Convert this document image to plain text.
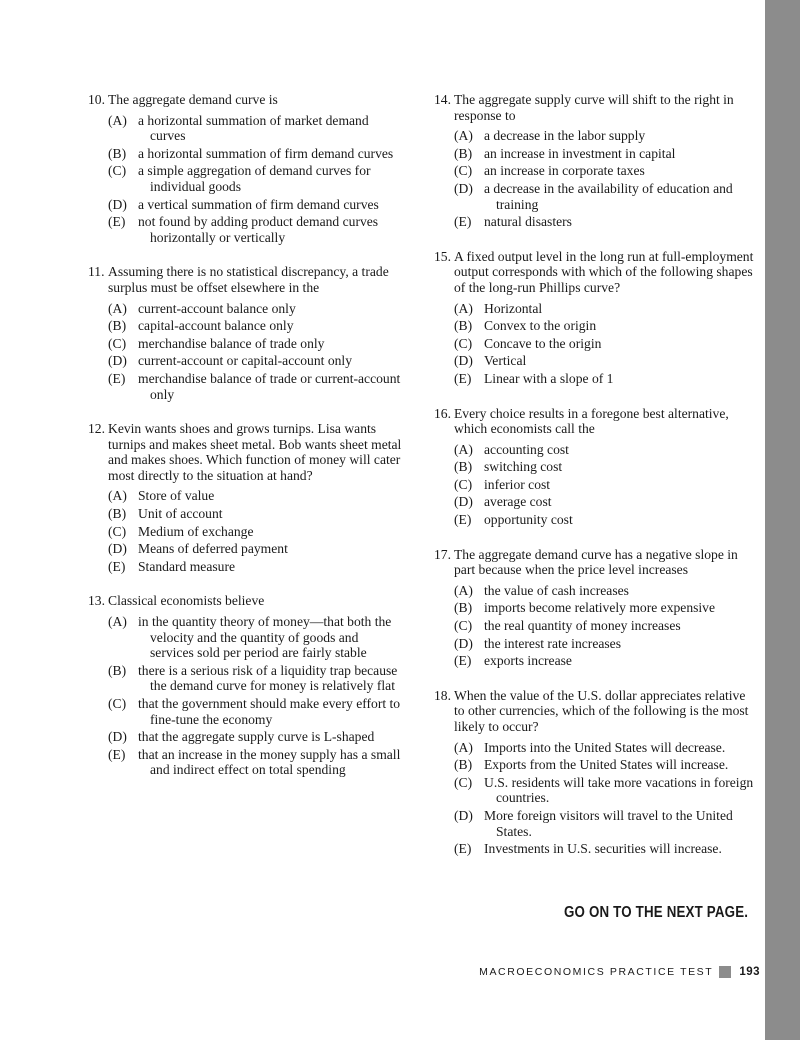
10. The aggregate demand curve is
(A) a horizontal summation of market demand curves
(B) a horizontal summation of firm demand curves
(C) a simple aggregation of demand curves for individual goods
(D) a vertical summation of firm demand curves
(E) not found by adding product demand curves horizontally or vertically
11. Assuming there is no statistical discrepancy, a trade surplus must be offset elsewhere in the
(A) current-account balance only
(B) capital-account balance only
(C) merchandise balance of trade only
(D) current-account or capital-account only
(E) merchandise balance of trade or current-account only
12. Kevin wants shoes and grows turnips. Lisa wants turnips and makes sheet metal. Bob wants sheet metal and makes shoes. Which function of money will cater most directly to the situation at hand?
(A) Store of value
(B) Unit of account
(C) Medium of exchange
(D) Means of deferred payment
(E) Standard measure
13. Classical economists believe
(A) in the quantity theory of money—that both the velocity and the quantity of goods and services sold per period are fairly stable
(B) there is a serious risk of a liquidity trap because the demand curve for money is relatively flat
(C) that the government should make every effort to fine-tune the economy
(D) that the aggregate supply curve is L-shaped
(E) that an increase in the money supply has a small and indirect effect on total spending
14. The aggregate supply curve will shift to the right in response to
(A) a decrease in the labor supply
(B) an increase in investment in capital
(C) an increase in corporate taxes
(D) a decrease in the availability of education and training
(E) natural disasters
15. A fixed output level in the long run at full-employment output corresponds with which of the following shapes of the long-run Phillips curve?
(A) Horizontal
(B) Convex to the origin
(C) Concave to the origin
(D) Vertical
(E) Linear with a slope of 1
16. Every choice results in a foregone best alternative, which economists call the
(A) accounting cost
(B) switching cost
(C) inferior cost
(D) average cost
(E) opportunity cost
17. The aggregate demand curve has a negative slope in part because when the price level increases
(A) the value of cash increases
(B) imports become relatively more expensive
(C) the real quantity of money increases
(D) the interest rate increases
(E) exports increase
18. When the value of the U.S. dollar appreciates relative to other currencies, which of the following is the most likely to occur?
(A) Imports into the United States will decrease.
(B) Exports from the United States will increase.
(C) U.S. residents will take more vacations in foreign countries.
(D) More foreign visitors will travel to the United States.
(E) Investments in U.S. securities will increase.
GO ON TO THE NEXT PAGE.
MACROECONOMICS PRACTICE TEST 193
